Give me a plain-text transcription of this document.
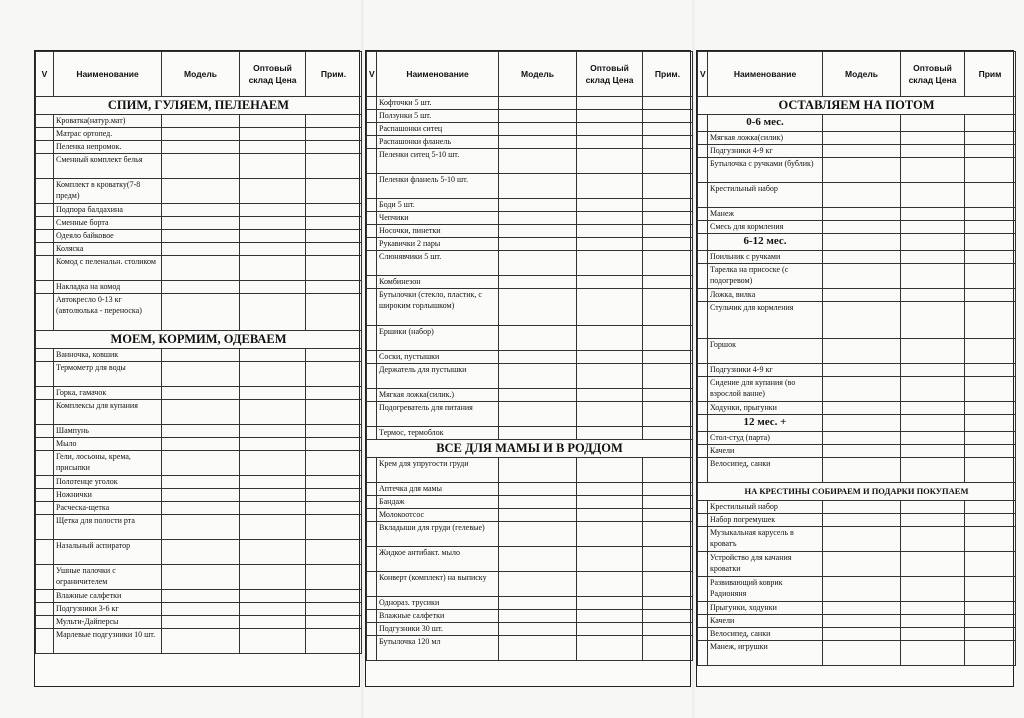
V	Наименование	Модель	Оптовый склад Цена	Прим.
СПИМ, ГУЛЯЕМ, ПЕЛЕНАЕМ				
	Кроватка(натур.мат)			
	Матрас ортопед.			
	Пеленка непромок.			
	Сменный комплект белья			
	Комплект в кроватку(7-8 предм)			
	Подпора балдахина			
	Сменные борта			
	Одеяло байковое			
	Коляска			
	Комод с пеленальн. столиком			
	Накладка на комод			
	Автокресло 0-13 кг (автолюлька - переноска)			
МОЕМ, КОРМИМ, ОДЕВАЕМ				
	Ванночка, ковшик			
	Термометр для воды			
	Горка, гамачок			
	Комплексы для купания			
	Шампунь			
	Мыло			
	Гели, лосьоны, крема, присыпки			
	Полотенце уголок			
	Ножнички			
	Расческа-щетка			
	Щетка для полости рта			
	Назальный аспиратор			
	Ушные палочки с ограничителем			
	Влажные салфетки			
	Подгузники 3-6 кг			
	Мульти-Дайперсы			
	Марлевые подгузники 10 шт.			
V	Наименование	Модель	Оптовый склад Цена	Прим.
	Кофточки 5 шт.			
	Ползунки 5 шт.			
	Распашонки ситец			
	Распашонки фланель			
	Пеленки ситец 5-10 шт.			
	Пеленки фланель 5-10 шт.			
	Боди 5 шт.			
	Чепчики			
	Носочки, пинетки			
	Рукавички 2 пары			
	Слюнявчики 5 шт.			
	Комбинезон			
	Бутылочки (стекло, пластик, с широким горлышком)			
	Ершики (набор)			
	Соски, пустышки			
	Держатель для пустышки			
	Мягкая ложка(силик.)			
	Подогреватель для питания			
	Термос, термоблок			
ВСЕ ДЛЯ МАМЫ И В РОДДОМ				
	Крем для упругости груди			
	Аптечка для мамы			
	Бандаж			
	Молокоотсос			
	Вкладыши для груди (гелевые)			
	Жидкое антибакт. мыло			
	Конверт (комплект) на выписку			
	Однораз. трусики			
	Влажные салфетки			
	Подгузники 30 шт.			
	Бутылочка 120 мл			
V	Наименование	Модель	Оптовый склад Цена	Прим
ОСТАВЛЯЕМ НА ПОТОМ				
	0-6 мес.			
	Мягкая ложка(силик)			
	Подгузники 4-9 кг			
	Бутылочка с ручками (бублик)			
	Крестильный набор			
	Манеж			
	Смесь для кормления			
	6-12 мес.			
	Поильник с ручками			
	Тарелка на присоске (с подогревом)			
	Ложка, вилка			
	Стульчик для кормления			
	Горшок			
	Подгузники 4-9 кг			
	Сидение для купания (во взрослой ванне)			
	Ходунки, прыгунки			
	12 мес. +			
	Стол-студ (парта)			
	Качели			
	Велосипед, санки			
НА КРЕСТИНЫ СОБИРАЕМ И ПОДАРКИ ПОКУПАЕМ				
	Крестильный набор			
	Набор погремушек			
	Музыкальная карусель в кроватъ			
	Устройство для качания кроватки			
	Развивающий коврик Радионяня			
	Прыгунки, ходунки			
	Качели			
	Велосипед, санки			
	Манеж, игрушки			
